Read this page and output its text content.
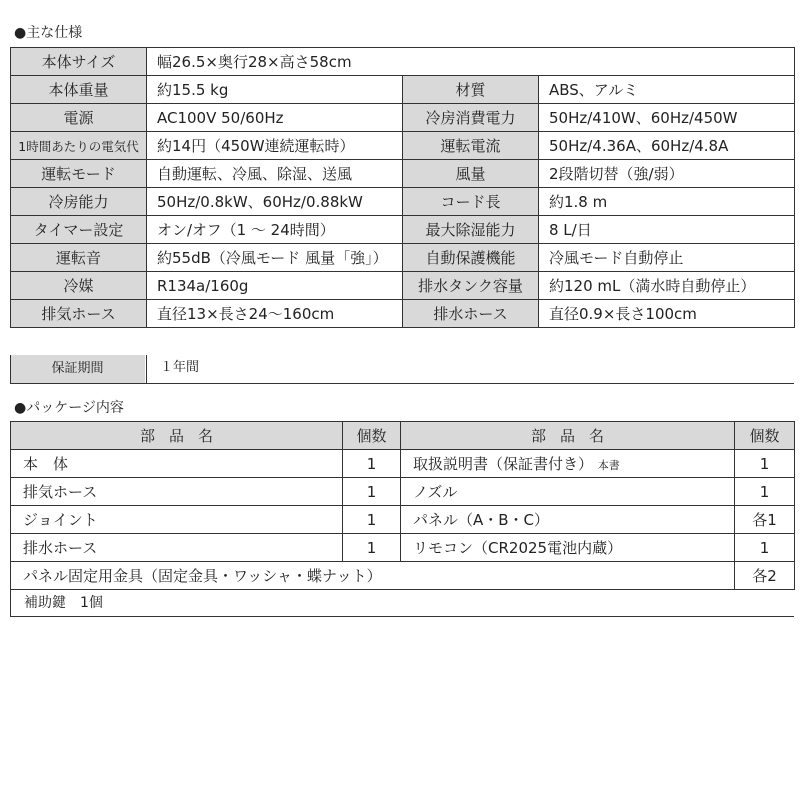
●主な仕様
本体サイズ	幅26.5×奥行28×高さ58cm		
本体重量	約15.5 kg	材質	ABS、アルミ
電源	AC100V 50/60Hz	冷房消費電力	50Hz/410W、60Hz/450W
1時間あたりの電気代	約14円（450W連続運転時）	運転電流	50Hz/4.36A、60Hz/4.8A
運転モード	自動運転、冷風、除湿、送風	風量	2段階切替（強/弱）
冷房能力	50Hz/0.8kW、60Hz/0.88kW	コード長	約1.8 m
タイマー設定	オン/オフ（1 ～ 24時間）	最大除湿能力	8 L/日
運転音	約55dB（冷風モード 風量「強」）	自動保護機能	冷風モード自動停止
冷媒	R134a/160g	排水タンク容量	約120 mL（満水時自動停止）
排気ホース	直径13×長さ24～160cm	排水ホース	直径0.9×長さ100cm
保証期間	１年間
●パッケージ内容
部品名	個数	部品名	個数
本　体	1	取扱説明書（保証書付き） 本書	1
排気ホース	1	ノズル	1
ジョイント	1	パネル（A・B・C）	各1
排水ホース	1	リモコン（CR2025電池内蔵）	1
パネル固定用金具（固定金具・ワッシャ・蝶ナット）			各2
補助鍵　1個
